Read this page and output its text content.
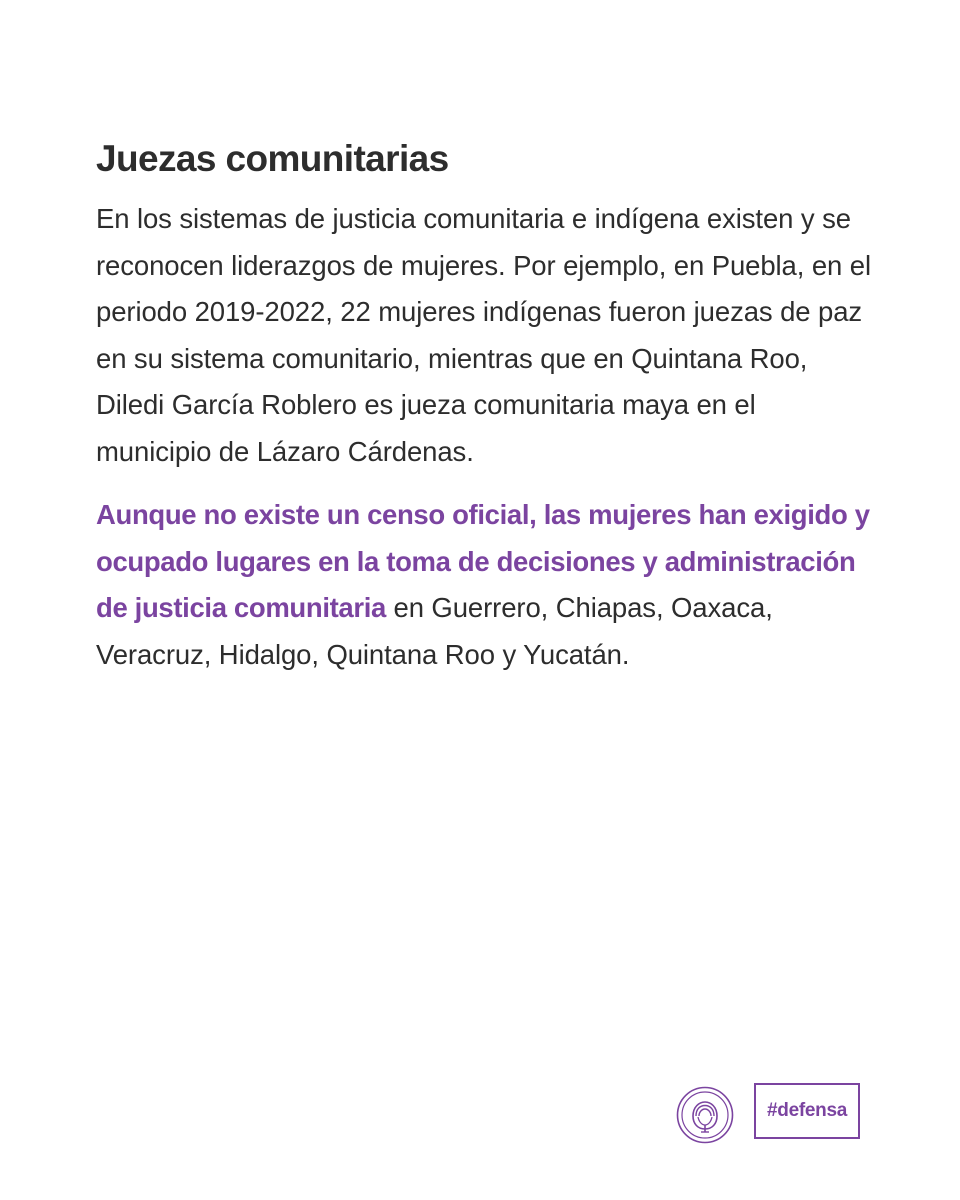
Juezas comunitarias

En los sistemas de justicia comunitaria e indígena existen y se reconocen liderazgos de mujeres. Por ejemplo, en Puebla, en el periodo 2019-2022, 22 mujeres indígenas fueron juezas de paz en su sistema comunitario, mientras que en Quintana Roo, Diledi García Roblero es jueza comunitaria maya en el municipio de Lázaro Cárdenas.

Aunque no existe un censo oficial, las mujeres han exigido y ocupado lugares en la toma de decisiones y administración de justicia comunitaria en Guerrero, Chiapas, Oaxaca, Veracruz, Hidalgo, Quintana Roo y Yucatán.

#defensa
